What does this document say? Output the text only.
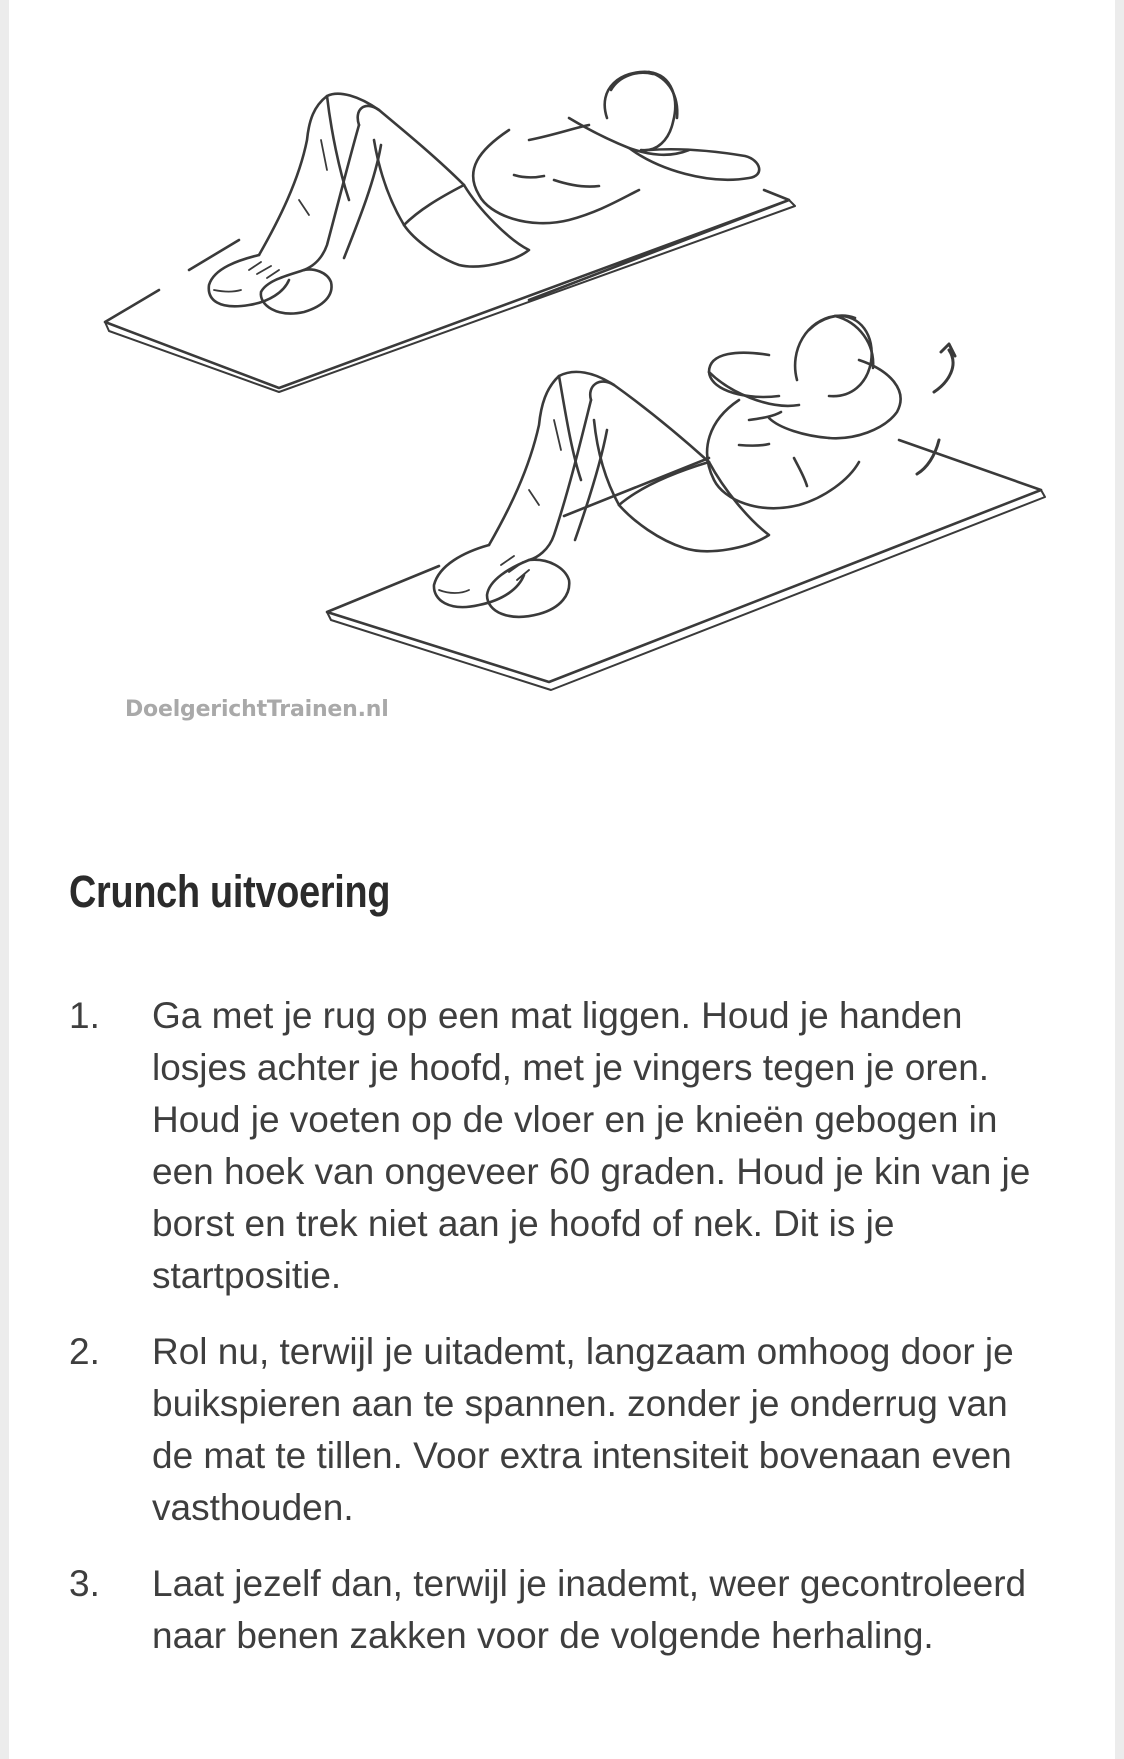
DoelgerichtTrainen.nl
Crunch uitvoering
1. Ga met je rug op een mat liggen. Houd je handen losjes achter je hoofd, met je vingers tegen je oren. Houd je voeten op de vloer en je knieën gebogen in een hoek van ongeveer 60 graden. Houd je kin van je borst en trek niet aan je hoofd of nek. Dit is je startpositie.
2. Rol nu, terwijl je uitademt, langzaam omhoog door je buikspieren aan te spannen. zonder je onderrug van de mat te tillen. Voor extra intensiteit bovenaan even vasthouden.
3. Laat jezelf dan, terwijl je inademt, weer gecontroleerd naar benen zakken voor de volgende herhaling.
